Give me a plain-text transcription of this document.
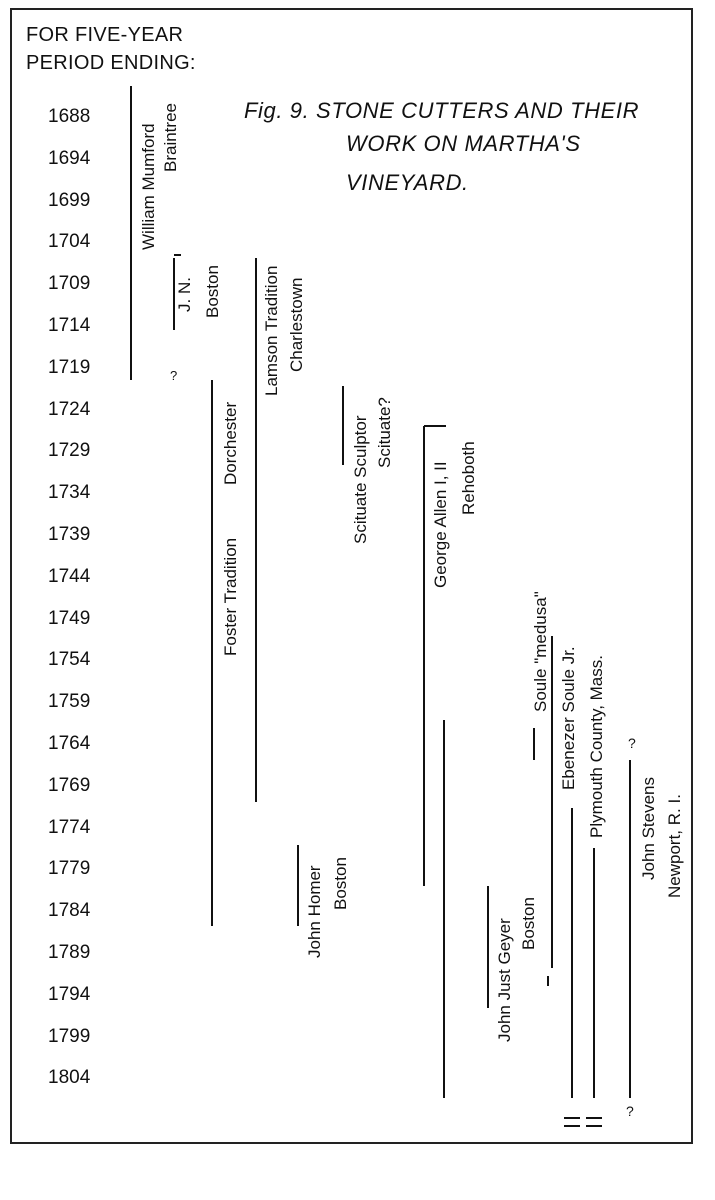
FOR FIVE-YEAR
PERIOD ENDING:
Fig. 9. STONE CUTTERS AND THEIR
WORK ON MARTHA'S
VINEYARD.
1688
1694
1699
1704
1709
1714
1719
1724
1729
1734
1739
1744
1749
1754
1759
1764
1769
1774
1779
1784
1789
1794
1799
1804
William Mumford Braintree
J. N. Boston
?
Foster Tradition
Dorchester
Lamson Tradition Charlestown
Scituate Sculptor Scituate?
George Allen I, II Rehoboth
Soule "medusa" Ebenezer Soule Jr. Plymouth County, Mass.
John Homer Boston
John Just Geyer Boston
John Stevens Newport, R. I.
?
?
